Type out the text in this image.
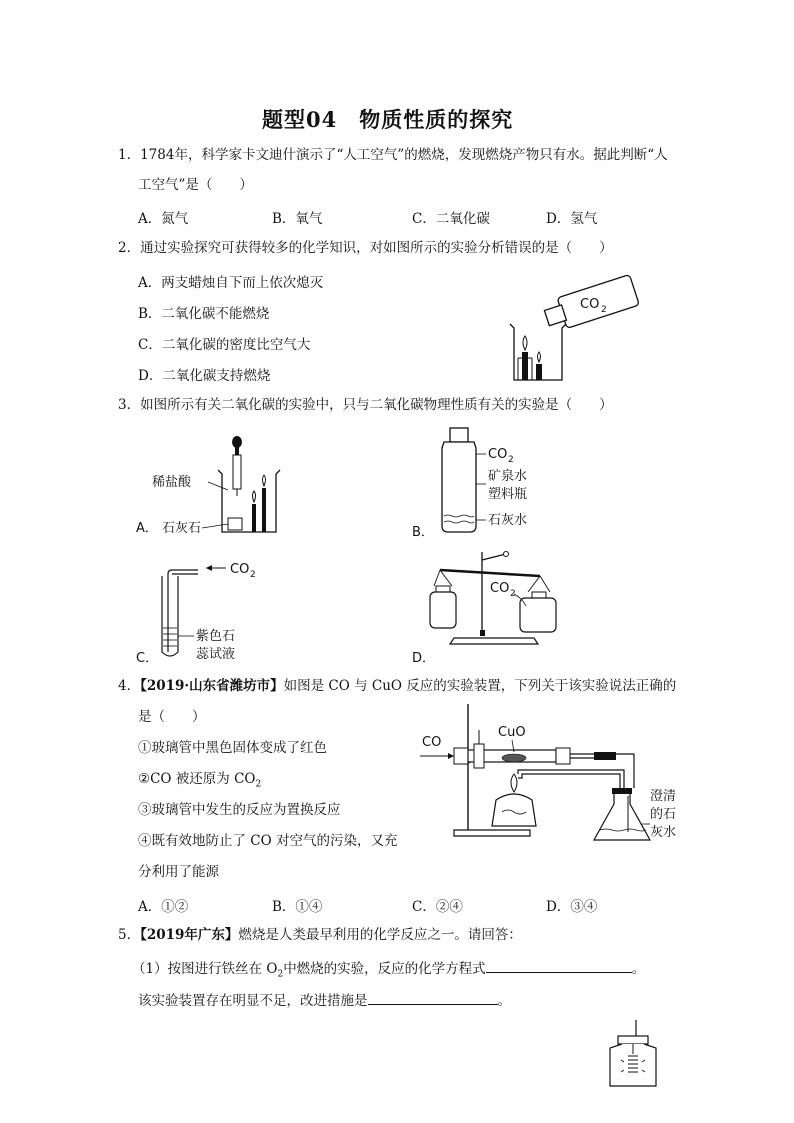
题型04　物质性质的探究
1．1784年，科学家卡文迪什演示了“人工空气”的燃烧，发现燃烧产物只有水。据此判断“人
工空气”是（　　）
A．氮气	B．氧气	C．二氧化碳	D．氢气
2．通过实验探究可获得较多的化学知识，对如图所示的实验分析错误的是（　　）
A．两支蜡烛自下而上依次熄灭
B．二氧化碳不能燃烧
C．二氧化碳的密度比空气大
D．二氧化碳支持燃烧
CO 2
3．如图所示有关二氧化碳的实验中，只与二氧化碳物理性质有关的实验是（　　）
稀盐酸
A． 石灰石
CO 2
矿泉水
塑料瓶
石灰水
B．
CO 2
紫色石
蕊试液
C．
CO 2
D．
4．【2019·山东省潍坊市】如图是 CO 与 CuO 反应的实验装置，下列关于该实验说法正确的
是（　　）
①玻璃管中黑色固体变成了红色
②CO 被还原为 $CO_2$
③玻璃管中发生的反应为置换反应
④既有效地防止了 CO 对空气的污染，又充
分利用了能源
A．①②	B．①④	C．②④	D．③④
CO
CuO
澄清
的石
灰水
5．【2019年广东】燃烧是人类最早利用的化学反应之一。请回答：
（1）按图进行铁丝在 $O_2$中燃烧的实验，反应的化学方程式	。
该实验装置存在明显不足，改进措施是	。
